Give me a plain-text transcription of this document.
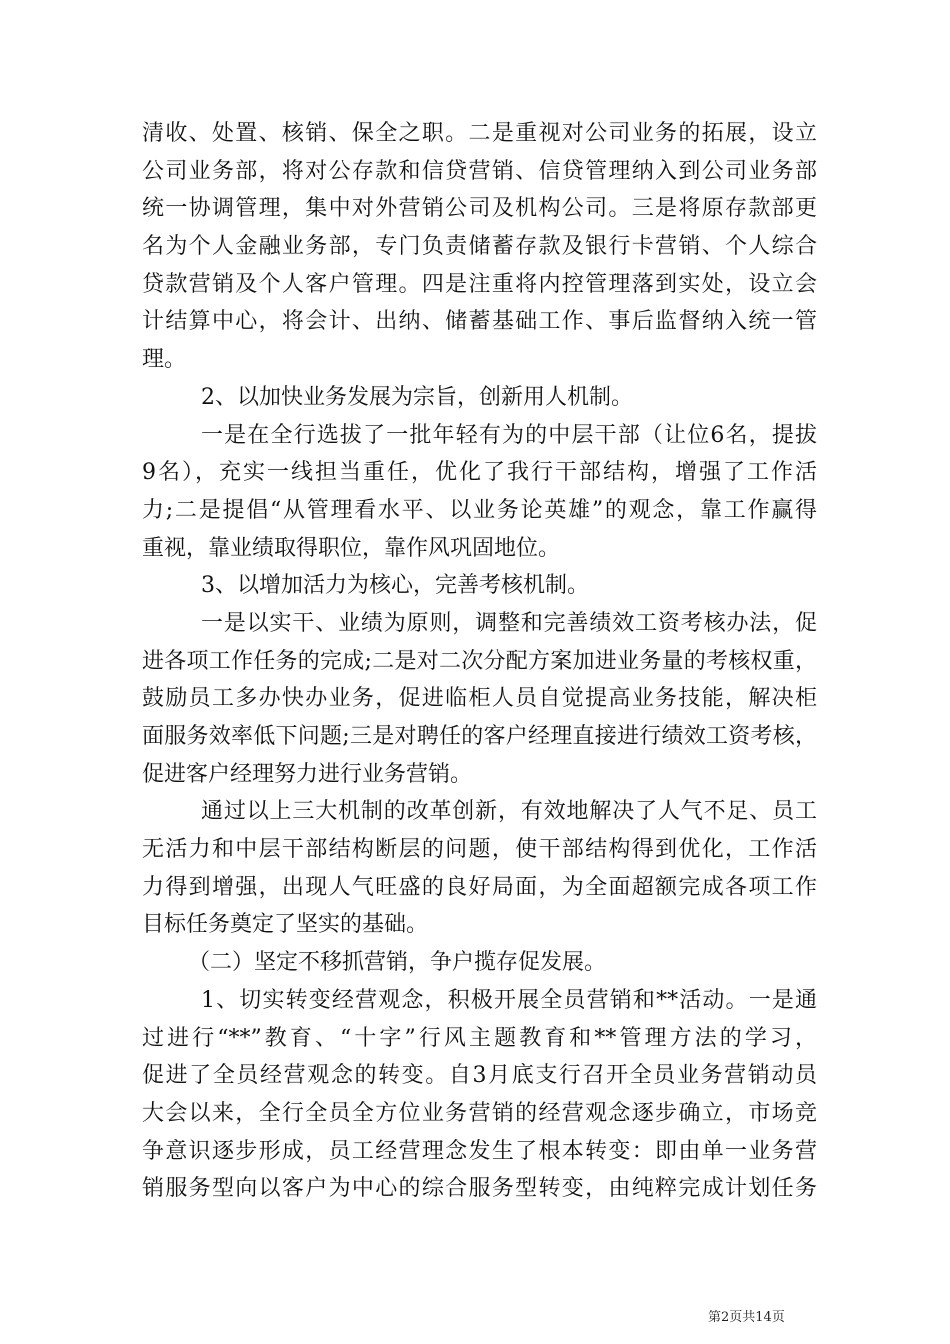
清收、处置、核销、保全之职。二是重视对公司业务的拓展，设立
公司业务部，将对公存款和信贷营销、信贷管理纳入到公司业务部
统一协调管理，集中对外营销公司及机构公司。三是将原存款部更
名为个人金融业务部，专门负责储蓄存款及银行卡营销、个人综合
贷款营销及个人客户管理。四是注重将内控管理落到实处，设立会
计结算中心，将会计、出纳、储蓄基础工作、事后监督纳入统一管
理。
2、以加快业务发展为宗旨，创新用人机制。
一是在全行选拔了一批年轻有为的中层干部（让位6名，提拔
9名），充实一线担当重任，优化了我行干部结构，增强了工作活
力;二是提倡“从管理看水平、以业务论英雄”的观念，靠工作赢得
重视，靠业绩取得职位，靠作风巩固地位。
3、以增加活力为核心，完善考核机制。
一是以实干、业绩为原则，调整和完善绩效工资考核办法，促
进各项工作任务的完成;二是对二次分配方案加进业务量的考核权重，
鼓励员工多办快办业务，促进临柜人员自觉提高业务技能，解决柜
面服务效率低下问题;三是对聘任的客户经理直接进行绩效工资考核，
促进客户经理努力进行业务营销。
通过以上三大机制的改革创新，有效地解决了人气不足、员工
无活力和中层干部结构断层的问题，使干部结构得到优化，工作活
力得到增强，出现人气旺盛的良好局面，为全面超额完成各项工作
目标任务奠定了坚实的基础。
（二）坚定不移抓营销，争户揽存促发展。
1、切实转变经营观念，积极开展全员营销和**活动。一是通
过进行“**”教育、“十字”行风主题教育和**管理方法的学习，
促进了全员经营观念的转变。自3月底支行召开全员业务营销动员
大会以来，全行全员全方位业务营销的经营观念逐步确立，市场竞
争意识逐步形成，员工经营理念发生了根本转变：即由单一业务营
销服务型向以客户为中心的综合服务型转变，由纯粹完成计划任务
第2页共14页
